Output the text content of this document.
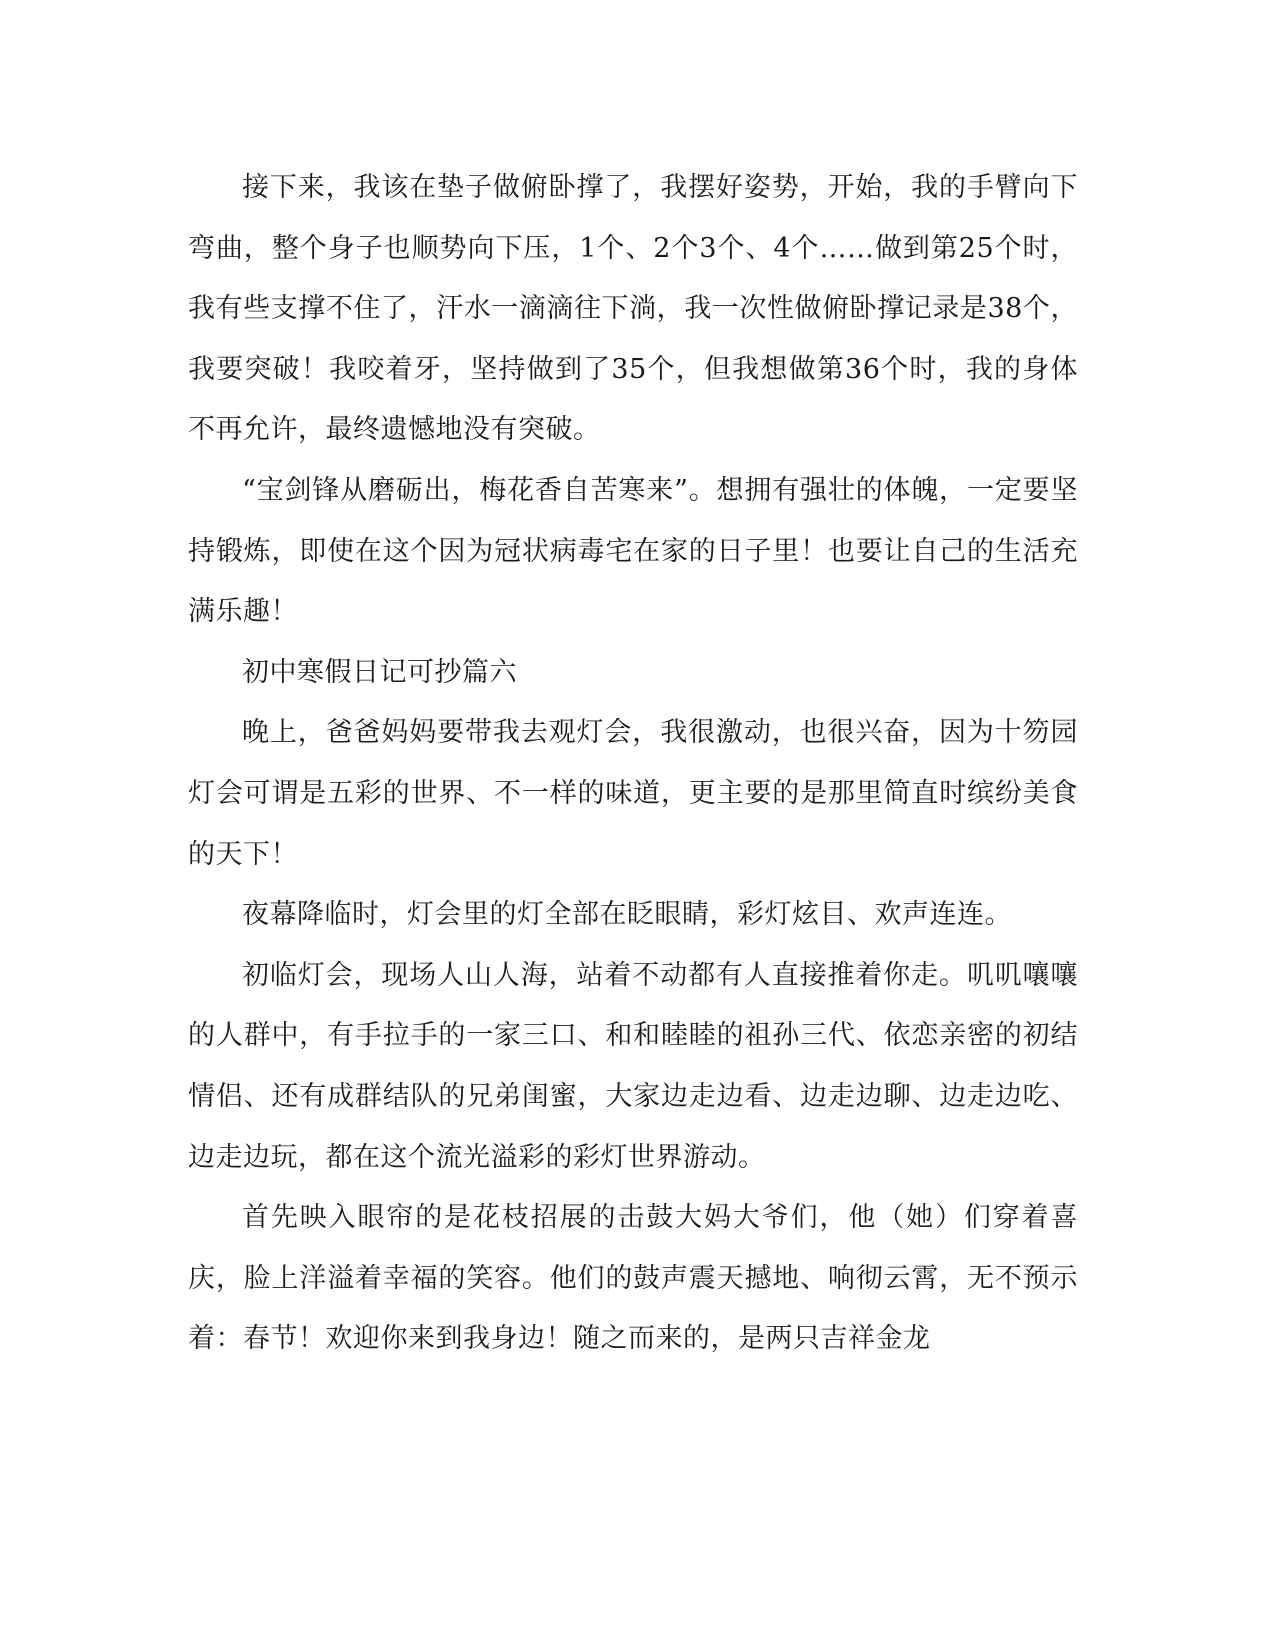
接下来，我该在垫子做俯卧撑了，我摆好姿势，开始，我的手臂向下弯曲，整个身子也顺势向下压，1个、2个3个、4个……做到第25个时，我有些支撑不住了，汗水一滴滴往下淌，我一次性做俯卧撑记录是38个，我要突破！我咬着牙，坚持做到了35个，但我想做第36个时，我的身体不再允许，最终遗憾地没有突破。

“宝剑锋从磨砺出，梅花香自苦寒来”。想拥有强壮的体魄，一定要坚持锻炼，即使在这个因为冠状病毒宅在家的日子里！也要让自己的生活充满乐趣！

初中寒假日记可抄篇六

晚上，爸爸妈妈要带我去观灯会，我很激动，也很兴奋，因为十笏园灯会可谓是五彩的世界、不一样的味道，更主要的是那里简直时缤纷美食的天下！

夜幕降临时，灯会里的灯全部在眨眼睛，彩灯炫目、欢声连连。

初临灯会，现场人山人海，站着不动都有人直接推着你走。叽叽嚷嚷的人群中，有手拉手的一家三口、和和睦睦的祖孙三代、依恋亲密的初结情侣、还有成群结队的兄弟闺蜜，大家边走边看、边走边聊、边走边吃、边走边玩，都在这个流光溢彩的彩灯世界游动。

首先映入眼帘的是花枝招展的击鼓大妈大爷们，他（她）们穿着喜庆，脸上洋溢着幸福的笑容。他们的鼓声震天撼地、响彻云霄，无不预示着：春节！欢迎你来到我身边！随之而来的，是两只吉祥金龙
